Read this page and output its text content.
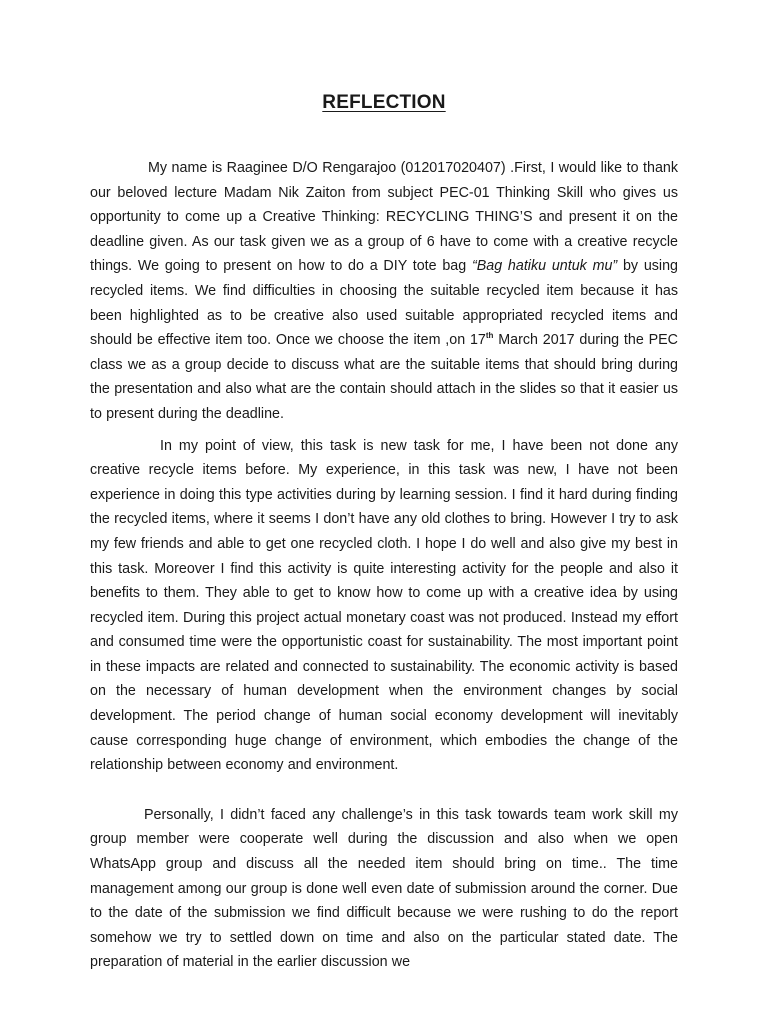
REFLECTION

My name is Raaginee D/O Rengarajoo (012017020407) .First, I would like to thank our beloved lecture Madam Nik Zaiton from subject PEC-01 Thinking Skill who gives us opportunity to come up a Creative Thinking: RECYCLING THING’S and present it on the deadline given. As our task given we as a group of 6 have to come with a creative recycle things. We going to present on how to do a DIY tote bag “Bag hatiku untuk mu” by using recycled items. We find difficulties in choosing the suitable recycled item because it has been highlighted as to be creative also used suitable appropriated recycled items and should be effective item too. Once we choose the item ,on 17th March 2017 during the PEC class we as a group decide to discuss what are the suitable items that should bring during the presentation and also what are the contain should attach in the slides so that it easier us to present during the deadline.

In my point of view, this task is new task for me, I have been not done any creative recycle items before. My experience, in this task was new, I have not been experience in doing this type activities during by learning session. I find it hard during finding the recycled items, where it seems I don’t have any old clothes to bring. However I try to ask my few friends and able to get one recycled cloth. I hope I do well and also give my best in this task. Moreover I find this activity is quite interesting activity for the people and also it benefits to them. They able to get to know how to come up with a creative idea by using recycled item. During this project actual monetary coast was not produced. Instead my effort and consumed time were the opportunistic coast for sustainability. The most important point in these impacts are related and connected to sustainability. The economic activity is based on the necessary of human development when the environment changes by social development. The period change of human social economy development will inevitably cause corresponding huge change of environment, which embodies the change of the relationship between economy and environment.

Personally, I didn’t faced any challenge’s in this task towards team work skill my group member were cooperate well during the discussion and also when we open WhatsApp group and discuss all the needed item should bring on time.. The time management among our group is done well even date of submission around the corner. Due to the date of the submission we find difficult because we were rushing to do the report somehow we try to settled down on time and also on the particular stated date. The preparation of material in the earlier discussion we
